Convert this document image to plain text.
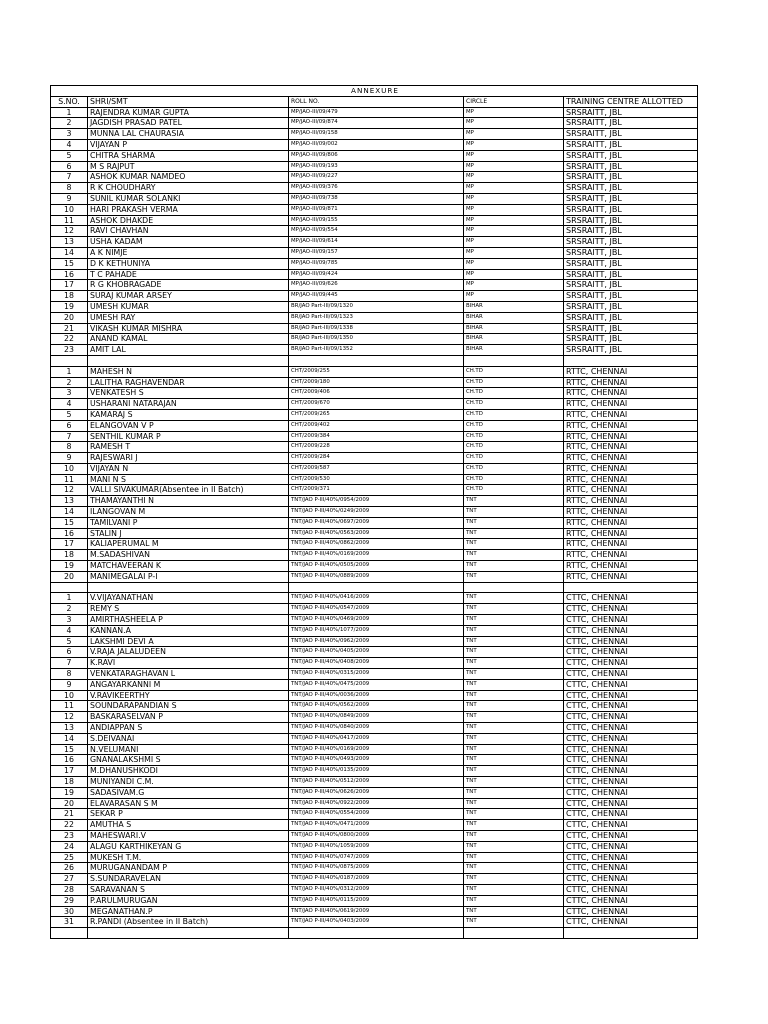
ANNEXURE				
S.NO.	SHRI/SMT	ROLL NO.	CIRCLE	TRAINING CENTRE ALLOTTED
1	RAJENDRA KUMAR GUPTA	MP/JAO-III/09/479	MP	SRSRAITT, JBL
2	JAGDISH PRASAD PATEL	MP/JAO-III/09/874	MP	SRSRAITT, JBL
3	MUNNA LAL CHAURASIA	MP/JAO-III/09/158	MP	SRSRAITT, JBL
4	VIJAYAN P	MP/JAO-III/09/002	MP	SRSRAITT, JBL
5	CHITRA SHARMA	MP/JAO-III/09/806	MP	SRSRAITT, JBL
6	M S RAJPUT	MP/JAO-III/09/193	MP	SRSRAITT, JBL
7	ASHOK KUMAR NAMDEO	MP/JAO-III/09/227	MP	SRSRAITT, JBL
8	R K CHOUDHARY	MP/JAO-III/09/376	MP	SRSRAITT, JBL
9	SUNIL KUMAR SOLANKI	MP/JAO-III/09/738	MP	SRSRAITT, JBL
10	HARI PRAKASH VERMA	MP/JAO-III/09/871	MP	SRSRAITT, JBL
11	ASHOK DHAKDE	MP/JAO-III/09/155	MP	SRSRAITT, JBL
12	RAVI CHAVHAN	MP/JAO-III/09/554	MP	SRSRAITT, JBL
13	USHA KADAM	MP/JAO-III/09/614	MP	SRSRAITT, JBL
14	A K NIMJE	MP/JAO-III/09/157	MP	SRSRAITT, JBL
15	D K KETHUNIYA	MP/JAO-III/09/785	MP	SRSRAITT, JBL
16	T C PAHADE	MP/JAO-III/09/424	MP	SRSRAITT, JBL
17	R G KHOBRAGADE	MP/JAO-III/09/626	MP	SRSRAITT, JBL
18	SURAJ KUMAR ARSEY	MP/JAO-III/09/445	MP	SRSRAITT, JBL
19	UMESH KUMAR	BR/JAO Part-III/09/1320	BIHAR	SRSRAITT, JBL
20	UMESH RAY	BR/JAO Part-III/09/1323	BIHAR	SRSRAITT, JBL
21	VIKASH KUMAR MISHRA	BR/JAO Part-III/09/1338	BIHAR	SRSRAITT, JBL
22	ANAND KAMAL	BR/JAO Part-III/09/1350	BIHAR	SRSRAITT, JBL
23	AMIT LAL	BR/JAO Part-III/09/1352	BIHAR	SRSRAITT, JBL

1	MAHESH N	CHT/2009/255	CH.TD	RTTC, CHENNAI
2	LALITHA RAGHAVENDAR	CHT/2009/180	CH.TD	RTTC, CHENNAI
3	VENKATESH S	CHT/2009/406	CH.TD	RTTC, CHENNAI
4	USHARANI NATARAJAN	CHT/2009/670	CH.TD	RTTC, CHENNAI
5	KAMARAJ S	CHT/2009/265	CH.TD	RTTC, CHENNAI
6	ELANGOVAN V P	CHT/2009/402	CH.TD	RTTC, CHENNAI
7	SENTHIL KUMAR P	CHT/2009/384	CH.TD	RTTC, CHENNAI
8	RAMESH T	CHT/2009/228	CH.TD	RTTC, CHENNAI
9	RAJESWARI J	CHT/2009/284	CH.TD	RTTC, CHENNAI
10	VIJAYAN N	CHT/2009/587	CH.TD	RTTC, CHENNAI
11	MANI N S	CHT/2009/530	CH.TD	RTTC, CHENNAI
12	VALLI SIVAKUMAR(Absentee in II Batch)	CHT/2009/371	CH.TD	RTTC, CHENNAI
13	THAMAYANTHI N	TNT/JAO P-III/40%/0954/2009	TNT	RTTC, CHENNAI
14	ILANGOVAN M	TNT/JAO P-III/40%/0249/2009	TNT	RTTC, CHENNAI
15	TAMILVANI P	TNT/JAO P-III/40%/0697/2009	TNT	RTTC, CHENNAI
16	STALIN J	TNT/JAO P-III/40%/0563/2009	TNT	RTTC, CHENNAI
17	KALIAPERUMAL M	TNT/JAO P-III/40%/0862/2009	TNT	RTTC, CHENNAI
18	M.SADASHIVAN	TNT/JAO P-III/40%/0169/2009	TNT	RTTC, CHENNAI
19	MATCHAVEERAN K	TNT/JAO P-III/40%/0505/2009	TNT	RTTC, CHENNAI
20	MANIMEGALAI P-I	TNT/JAO P-III/40%/0889/2009	TNT	RTTC, CHENNAI

1	V.VIJAYANATHAN	TNT/JAO P-III/40%/0416/2009	TNT	CTTC, CHENNAI
2	REMY S	TNT/JAO P-III/40%/0547/2009	TNT	CTTC, CHENNAI
3	AMIRTHASHEELA P	TNT/JAO P-III/40%/0469/2009	TNT	CTTC, CHENNAI
4	KANNAN.A	TNT/JAO P-III/40%/1077/2009	TNT	CTTC, CHENNAI
5	LAKSHMI DEVI A	TNT/JAO P-III/40%/0962/2009	TNT	CTTC, CHENNAI
6	V.RAJA JALALUDEEN	TNT/JAO P-III/40%/0405/2009	TNT	CTTC, CHENNAI
7	K.RAVI	TNT/JAO P-III/40%/0408/2009	TNT	CTTC, CHENNAI
8	VENKATARAGHAVAN L	TNT/JAO P-III/40%/0315/2009	TNT	CTTC, CHENNAI
9	ANGAYARKANNI M	TNT/JAO P-III/40%/0475/2009	TNT	CTTC, CHENNAI
10	V.RAVIKEERTHY	TNT/JAO P-III/40%/0036/2009	TNT	CTTC, CHENNAI
11	SOUNDARAPANDIAN S	TNT/JAO P-III/40%/0562/2009	TNT	CTTC, CHENNAI
12	BASKARASELVAN P	TNT/JAO P-III/40%/0849/2009	TNT	CTTC, CHENNAI
13	ANDIAPPAN S	TNT/JAO P-III/40%/0840/2009	TNT	CTTC, CHENNAI
14	S.DEIVANAI	TNT/JAO P-III/40%/0417/2009	TNT	CTTC, CHENNAI
15	N.VELUMANI	TNT/JAO P-III/40%/0169/2009	TNT	CTTC, CHENNAI
16	GNANALAKSHMI S	TNT/JAO P-III/40%/0493/2009	TNT	CTTC, CHENNAI
17	M.DHANUSHKODI	TNT/JAO P-III/40%/0135/2009	TNT	CTTC, CHENNAI
18	MUNIYANDI C.M.	TNT/JAO P-III/40%/0512/2009	TNT	CTTC, CHENNAI
19	SADASIVAM.G	TNT/JAO P-III/40%/0626/2009	TNT	CTTC, CHENNAI
20	ELAVARASAN S M	TNT/JAO P-III/40%/0922/2009	TNT	CTTC, CHENNAI
21	SEKAR P	TNT/JAO P-III/40%/0554/2009	TNT	CTTC, CHENNAI
22	AMUTHA S	TNT/JAO P-III/40%/0471/2009	TNT	CTTC, CHENNAI
23	MAHESWARI.V	TNT/JAO P-III/40%/0800/2009	TNT	CTTC, CHENNAI
24	ALAGU KARTHIKEYAN G	TNT/JAO P-III/40%/1059/2009	TNT	CTTC, CHENNAI
25	MUKESH T.M.	TNT/JAO P-III/40%/0747/2009	TNT	CTTC, CHENNAI
26	MURUGANANDAM P	TNT/JAO P-III/40%/0875/2009	TNT	CTTC, CHENNAI
27	S.SUNDARAVELAN	TNT/JAO P-III/40%/0187/2009	TNT	CTTC, CHENNAI
28	SARAVANAN S	TNT/JAO P-III/40%/0312/2009	TNT	CTTC, CHENNAI
29	P.ARULMURUGAN	TNT/JAO P-III/40%/0115/2009	TNT	CTTC, CHENNAI
30	MEGANATHAN.P	TNT/JAO P-III/40%/0619/2009	TNT	CTTC, CHENNAI
31	R.PANDI (Absentee in II Batch)	TNT/JAO P-III/40%/0403/2009	TNT	CTTC, CHENNAI
